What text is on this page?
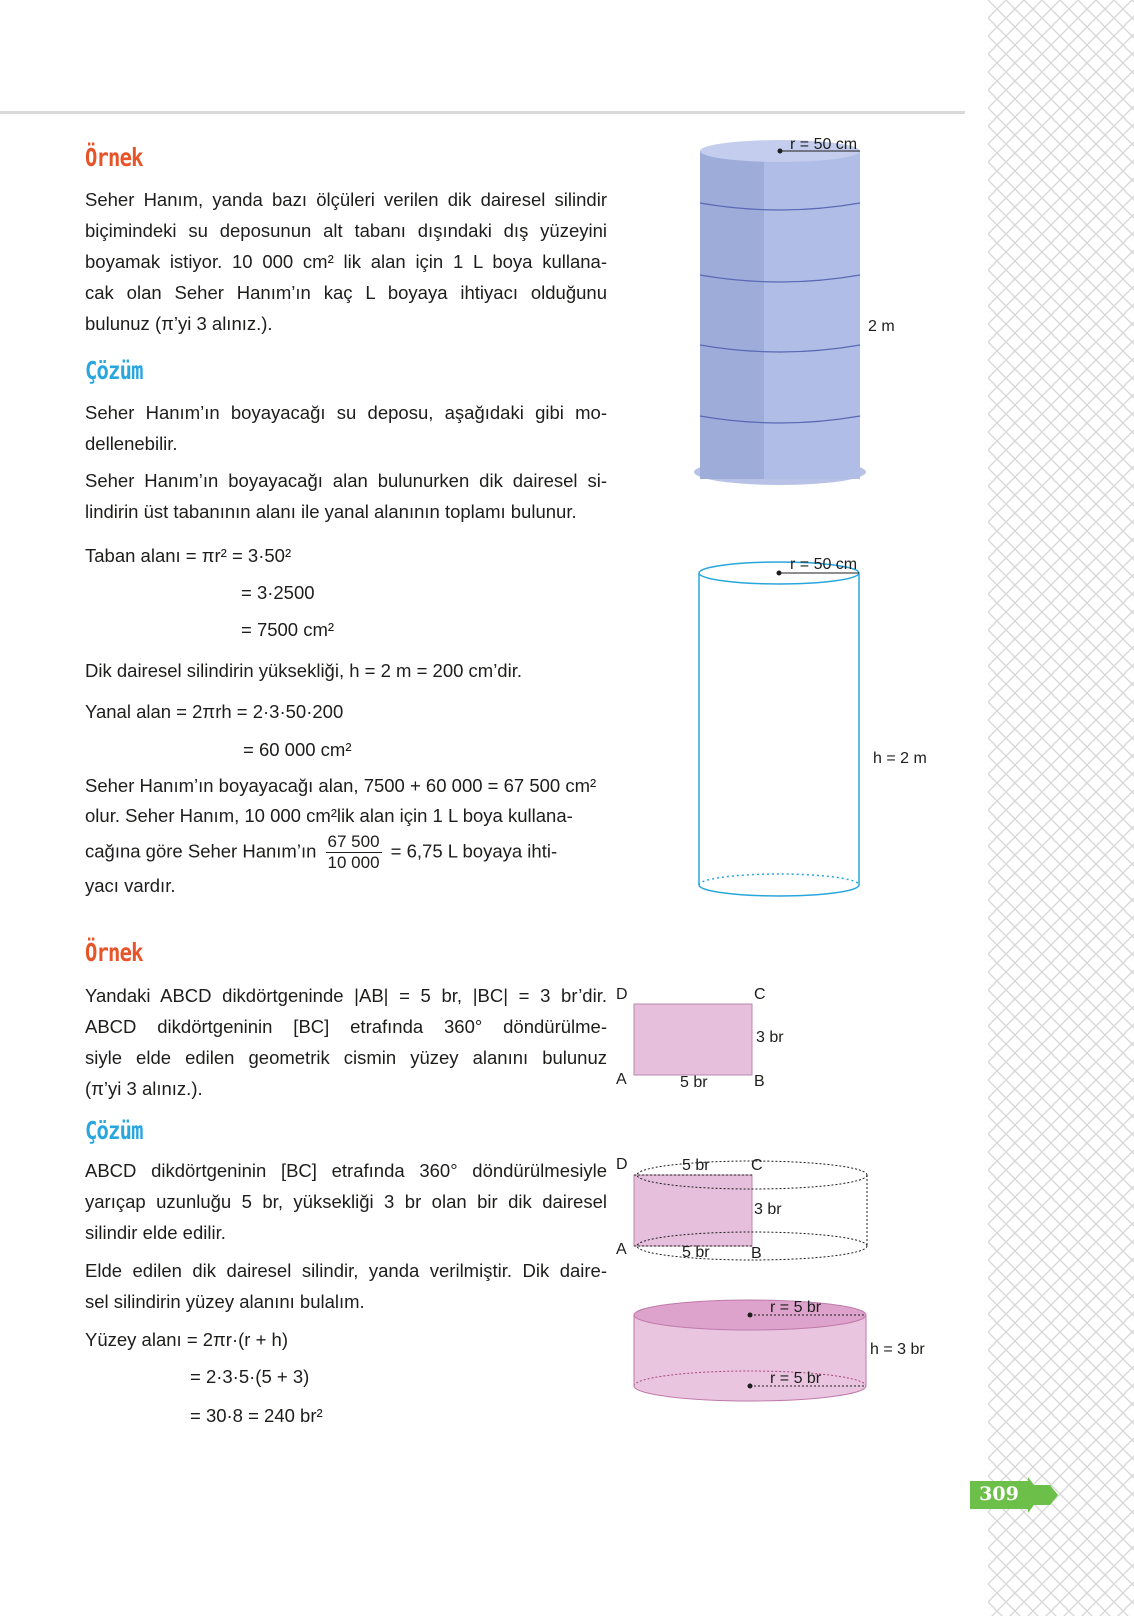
Örnek
Seher Hanım, yanda bazı ölçüleri verilen dik dairesel silindir
biçimindeki su deposunun alt tabanı dışındaki dış yüzeyini
boyamak istiyor. 10 000 cm² lik alan için 1 L boya kullana-
cak olan Seher Hanım’ın kaç L boyaya ihtiyacı olduğunu
bulunuz (π’yi 3 alınız.).
Çözüm
Seher Hanım’ın boyayacağı su deposu, aşağıdaki gibi mo-
dellenebilir.
Seher Hanım’ın boyayacağı alan bulunurken dik dairesel si-
lindirin üst tabanının alanı ile yanal alanının toplamı bulunur.
Taban alanı = πr² = 3·50²
= 3·2500
= 7500 cm²
Dik dairesel silindirin yüksekliği, h = 2 m = 200 cm’dir.
Yanal alan = 2πrh = 2·3·50·200
= 60 000 cm²
Seher Hanım’ın boyayacağı alan, 7500 + 60 000 = 67 500 cm²
olur. Seher Hanım, 10 000 cm²lik alan için 1 L boya kullana-
cağına göre Seher Hanım’ın $\frac{67 500}{10 000} = 6,75$ L boyaya ihti-
yacı vardır.
r = 50 cm
2 m
r = 50 cm
h = 2 m
Örnek
Yandaki ABCD dikdörtgeninde |AB| = 5 br, |BC| = 3 br’dir.
ABCD dikdörtgeninin [BC] etrafında 360° döndürülme-
siyle elde edilen geometrik cismin yüzey alanını bulunuz
(π’yi 3 alınız.).
D	C
A	B
3 br
5 br
Çözüm
ABCD dikdörtgeninin [BC] etrafında 360° döndürülmesiyle
yarıçap uzunluğu 5 br, yüksekliği 3 br olan bir dik dairesel
silindir elde edilir.
Elde edilen dik dairesel silindir, yanda verilmiştir. Dik daire-
sel silindirin yüzey alanını bulalım.
Yüzey alanı = 2πr·(r + h)
= 2·3·5·(5 + 3)
= 30·8 = 240 br²
D	C
A	B
5 br
5 br
3 br
r = 5 br
r = 5 br
h = 3 br
309
